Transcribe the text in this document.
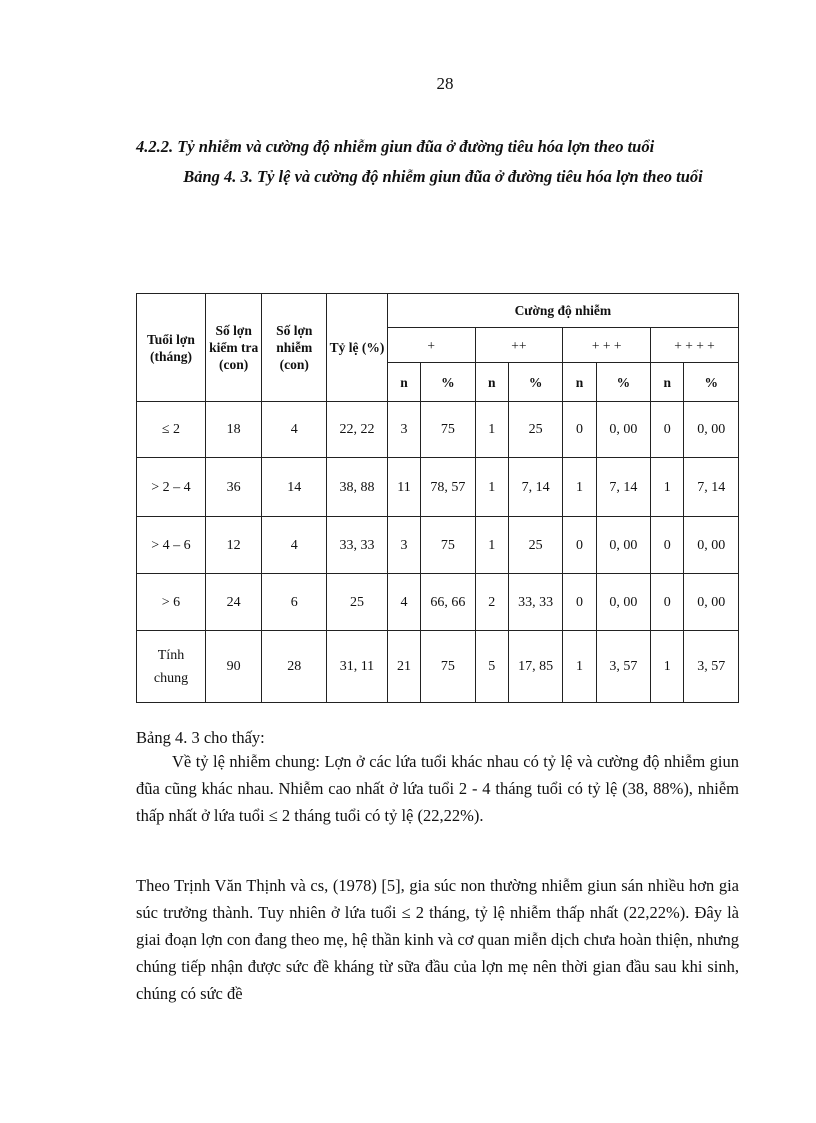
28
4.2.2. Tỷ nhiễm và cường độ nhiễm giun đũa ở đường tiêu hóa lợn theo tuổi
Bảng 4. 3. Tỷ lệ và cường độ nhiễm giun đũa ở đường tiêu hóa lợn theo tuổi
Tuổi lợn (tháng)	Số lợn kiểm tra (con)	Số lợn nhiễm (con)	Tỷ lệ (%)	Cường độ nhiễm							
				+		++		+ + +		+ + + +	
				n	%	n	%	n	%	n	%
≤ 2	18	4	22, 22	3	75	1	25	0	0, 00	0	0, 00
> 2 – 4	36	14	38, 88	11	78, 57	1	7, 14	1	7, 14	1	7, 14
> 4 – 6	12	4	33, 33	3	75	1	25	0	0, 00	0	0, 00
> 6	24	6	25	4	66, 66	2	33, 33	0	0, 00	0	0, 00
Tính chung	90	28	31, 11	21	75	5	17, 85	1	3, 57	1	3, 57
Bảng 4. 3 cho thấy:
Về tỷ lệ nhiễm chung: Lợn ở các lứa tuổi khác nhau có tỷ lệ và cường độ nhiễm giun đũa cũng khác nhau. Nhiễm cao nhất ở lứa tuổi 2 - 4 tháng tuổi có tỷ lệ (38, 88%), nhiễm thấp nhất ở lứa tuổi ≤ 2 tháng tuổi có tỷ lệ (22,22%).
Theo Trịnh Văn Thịnh và cs, (1978) [5], gia súc non thường nhiễm giun sán nhiều hơn gia súc trưởng thành. Tuy nhiên ở lứa tuổi ≤ 2 tháng, tỷ lệ nhiễm thấp nhất (22,22%). Đây là giai đoạn lợn con đang theo mẹ, hệ thần kinh và cơ quan miễn dịch chưa hoàn thiện, nhưng chúng tiếp nhận được sức đề kháng từ sữa đầu của lợn mẹ nên thời gian đầu sau khi sinh, chúng có sức đề
